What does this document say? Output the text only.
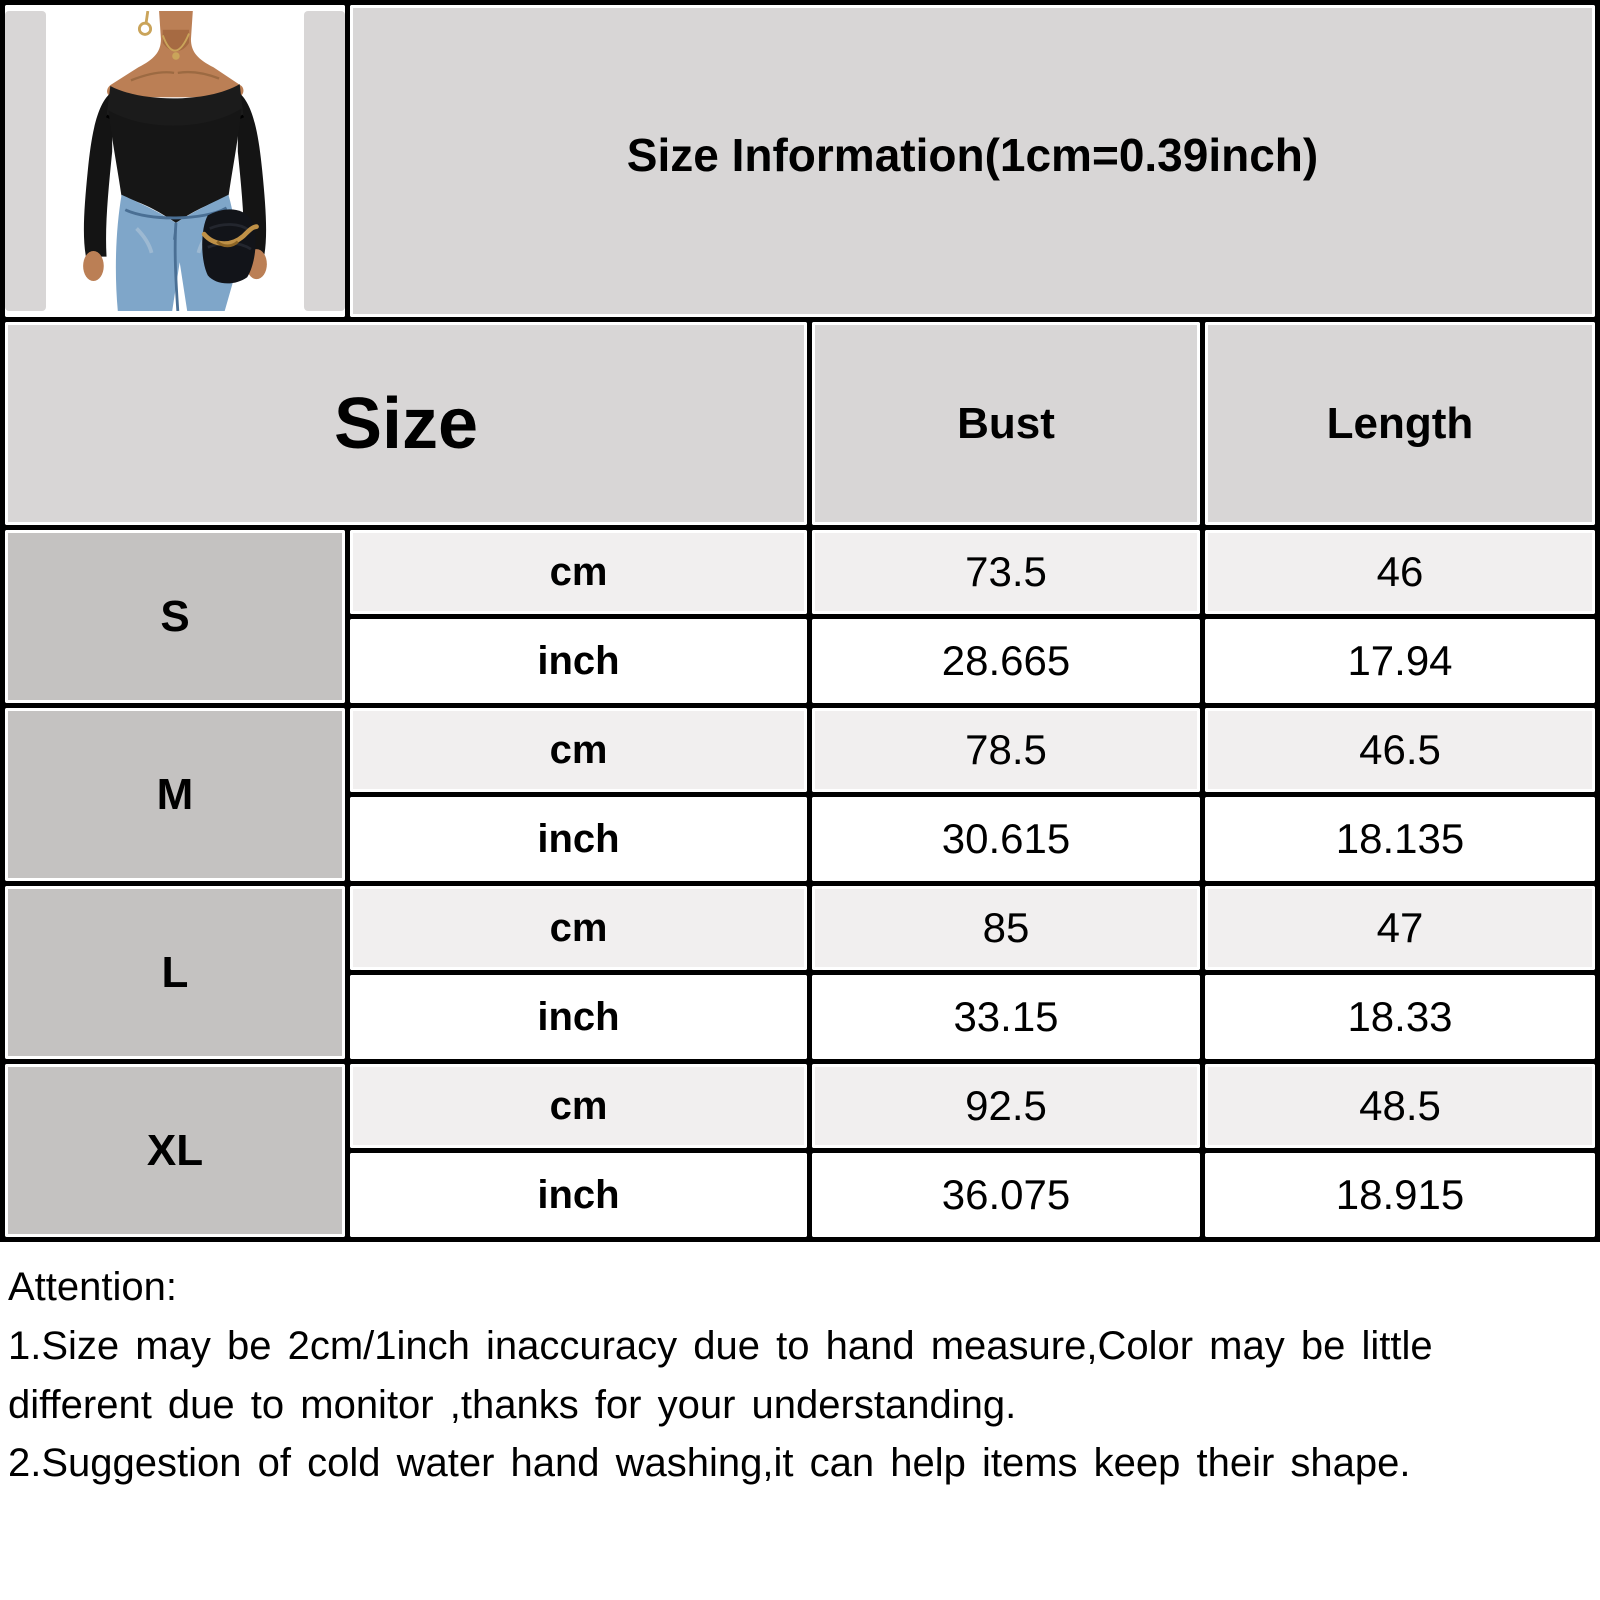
Size Information(1cm=0.39inch)
Size	Bust	Length
S
cm	73.5	46
inch	28.665	17.94
M
cm	78.5	46.5
inch	30.615	18.135
L
cm	85	47
inch	33.15	18.33
XL
cm	92.5	48.5
inch	36.075	18.915

Attention:

1.Size may be 2cm/1inch inaccuracy due to hand measure,Color may be little different due to monitor ,thanks for your understanding.

2.Suggestion of cold water hand washing,it can help items keep their shape.
